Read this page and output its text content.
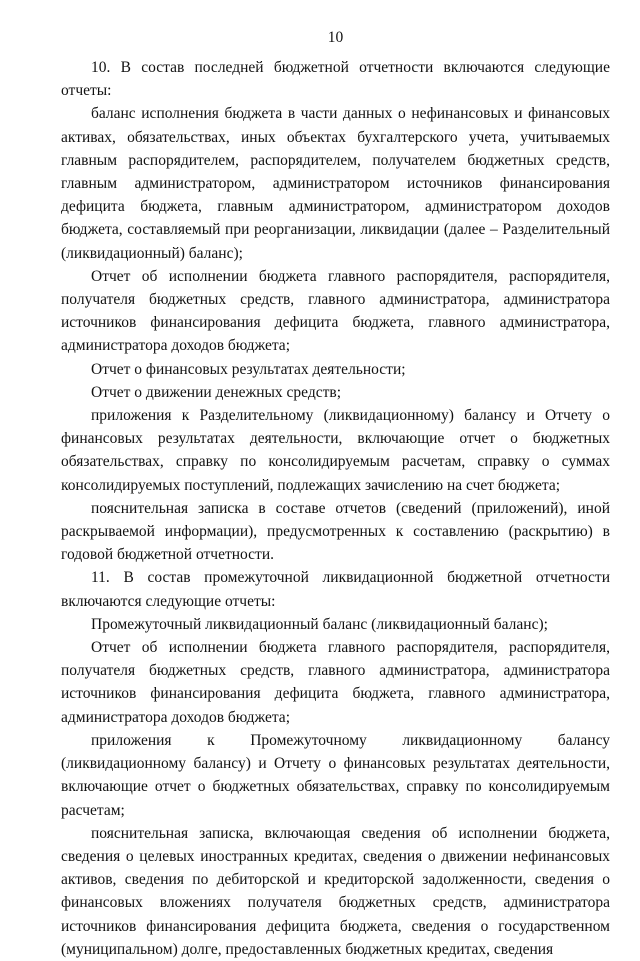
10

10. В состав последней бюджетной отчетности включаются следующие отчеты:

баланс исполнения бюджета в части данных о нефинансовых и финансовых активах, обязательствах, иных объектах бухгалтерского учета, учитываемых главным распорядителем, распорядителем, получателем бюджетных средств, главным администратором, администратором источников финансирования дефицита бюджета, главным администратором, администратором доходов бюджета, составляемый при реорганизации, ликвидации (далее – Разделительный (ликвидационный) баланс);

Отчет об исполнении бюджета главного распорядителя, распорядителя, получателя бюджетных средств, главного администратора, администратора источников финансирования дефицита бюджета, главного администратора, администратора доходов бюджета;

Отчет о финансовых результатах деятельности;

Отчет о движении денежных средств;

приложения к Разделительному (ликвидационному) балансу и Отчету о финансовых результатах деятельности, включающие отчет о бюджетных обязательствах, справку по консолидируемым расчетам, справку о суммах консолидируемых поступлений, подлежащих зачислению на счет бюджета;

пояснительная записка в составе отчетов (сведений (приложений), иной раскрываемой информации), предусмотренных к составлению (раскрытию) в годовой бюджетной отчетности.

11. В состав промежуточной ликвидационной бюджетной отчетности включаются следующие отчеты:

Промежуточный ликвидационный баланс (ликвидационный баланс);

Отчет об исполнении бюджета главного распорядителя, распорядителя, получателя бюджетных средств, главного администратора, администратора источников финансирования дефицита бюджета, главного администратора, администратора доходов бюджета;

приложения к Промежуточному ликвидационному балансу (ликвидационному балансу) и Отчету о финансовых результатах деятельности, включающие отчет о бюджетных обязательствах, справку по консолидируемым расчетам;

пояснительная записка, включающая сведения об исполнении бюджета, сведения о целевых иностранных кредитах, сведения о движении нефинансовых активов, сведения по дебиторской и кредиторской задолженности, сведения о финансовых вложениях получателя бюджетных средств, администратора источников финансирования дефицита бюджета, сведения о государственном (муниципальном) долге, предоставленных бюджетных кредитах, сведения
